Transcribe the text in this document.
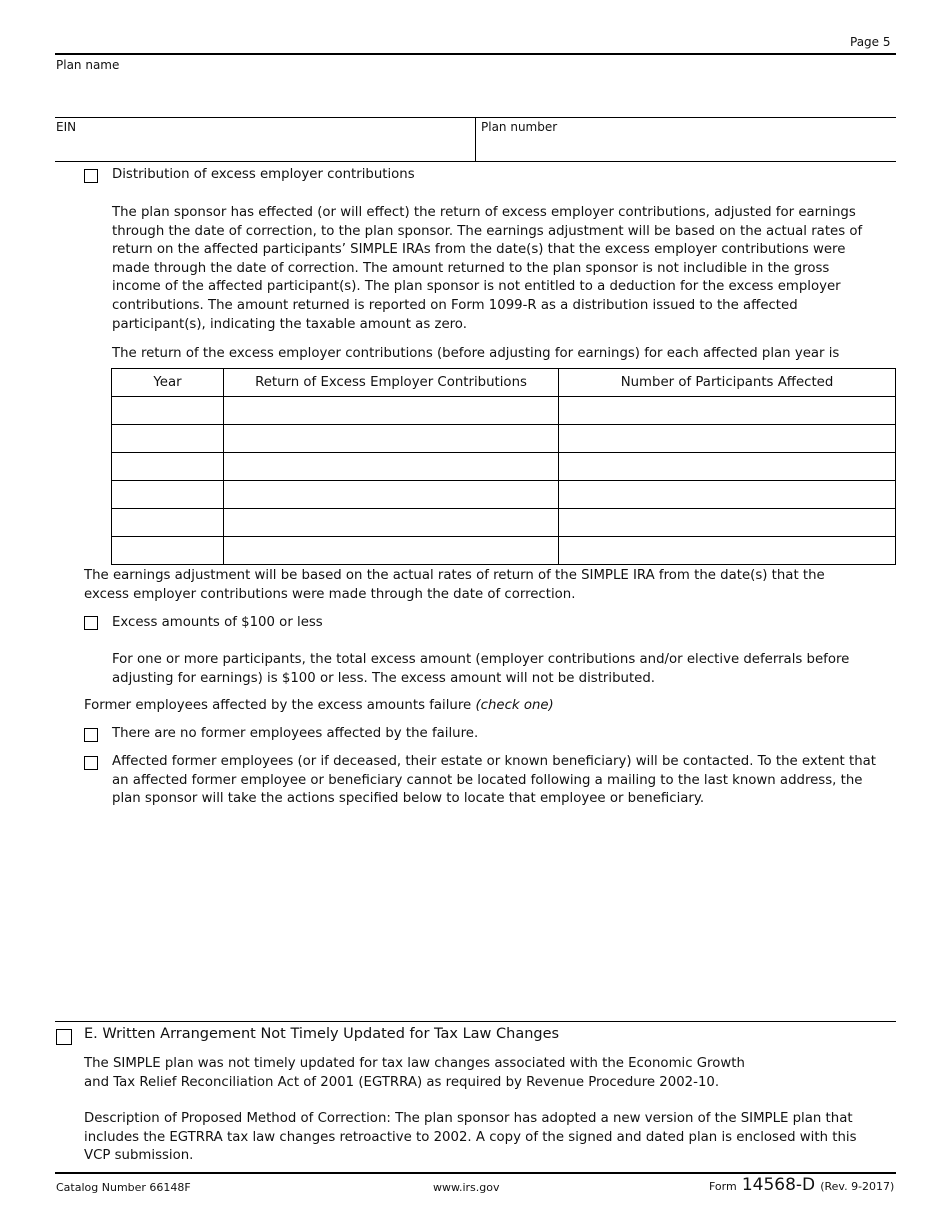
Page 5
Plan name
EIN	Plan number
Distribution of excess employer contributions
The plan sponsor has effected (or will effect) the return of excess employer contributions, adjusted for earnings
through the date of correction, to the plan sponsor. The earnings adjustment will be based on the actual rates of
return on the affected participants’ SIMPLE IRAs from the date(s) that the excess employer contributions were
made through the date of correction. The amount returned to the plan sponsor is not includible in the gross
income of the affected participant(s). The plan sponsor is not entitled to a deduction for the excess employer
contributions. The amount returned is reported on Form 1099-R as a distribution issued to the affected
participant(s), indicating the taxable amount as zero.
The return of the excess employer contributions (before adjusting for earnings) for each affected plan year is
Year	Return of Excess Employer Contributions	Number of Participants Affected

The earnings adjustment will be based on the actual rates of return of the SIMPLE IRA from the date(s) that the
excess employer contributions were made through the date of correction.
Excess amounts of $100 or less
For one or more participants, the total excess amount (employer contributions and/or elective deferrals before
adjusting for earnings) is $100 or less. The excess amount will not be distributed.
Former employees affected by the excess amounts failure (check one)
There are no former employees affected by the failure.
Affected former employees (or if deceased, their estate or known beneficiary) will be contacted. To the extent that
an affected former employee or beneficiary cannot be located following a mailing to the last known address, the
plan sponsor will take the actions specified below to locate that employee or beneficiary.
E. Written Arrangement Not Timely Updated for Tax Law Changes
The SIMPLE plan was not timely updated for tax law changes associated with the Economic Growth
and Tax Relief Reconciliation Act of 2001 (EGTRRA) as required by Revenue Procedure 2002-10.
Description of Proposed Method of Correction: The plan sponsor has adopted a new version of the SIMPLE plan that
includes the EGTRRA tax law changes retroactive to 2002. A copy of the signed and dated plan is enclosed with this
VCP submission.
Catalog Number 66148F	www.irs.gov	Form 14568-D (Rev. 9-2017)
